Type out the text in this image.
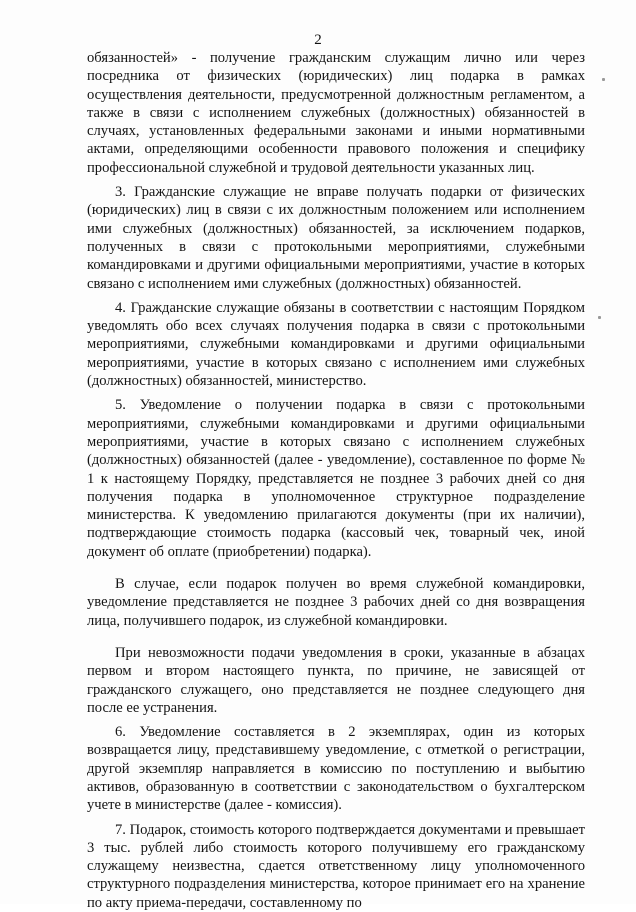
2

обязанностей» - получение гражданским служащим лично или через посредника от физических (юридических) лиц подарка в рамках осуществления деятельности, предусмотренной должностным регламентом, а также в связи с исполнением служебных (должностных) обязанностей в случаях, установленных федеральными законами и иными нормативными актами, определяющими особенности правового положения и специфику профессиональной служебной и трудовой деятельности указанных лиц.

3. Гражданские служащие не вправе получать подарки от физических (юридических) лиц в связи с их должностным положением или исполнением ими служебных (должностных) обязанностей, за исключением подарков, полученных в связи с протокольными мероприятиями, служебными командировками и другими официальными мероприятиями, участие в которых связано с исполнением ими служебных (должностных) обязанностей.

4. Гражданские служащие обязаны в соответствии с настоящим Порядком уведомлять обо всех случаях получения подарка в связи с протокольными мероприятиями, служебными командировками и другими официальными мероприятиями, участие в которых связано с исполнением ими служебных (должностных) обязанностей, министерство.

5. Уведомление о получении подарка в связи с протокольными мероприятиями, служебными командировками и другими официальными мероприятиями, участие в которых связано с исполнением служебных (должностных) обязанностей (далее - уведомление), составленное по форме № 1 к настоящему Порядку, представляется не позднее 3 рабочих дней со дня получения подарка в уполномоченное структурное подразделение министерства. К уведомлению прилагаются документы (при их наличии), подтверждающие стоимость подарка (кассовый чек, товарный чек, иной документ об оплате (приобретении) подарка).

В случае, если подарок получен во время служебной командировки, уведомление представляется не позднее 3 рабочих дней со дня возвращения лица, получившего подарок, из служебной командировки.

При невозможности подачи уведомления в сроки, указанные в абзацах первом и втором настоящего пункта, по причине, не зависящей от гражданского служащего, оно представляется не позднее следующего дня после ее устранения.

6. Уведомление составляется в 2 экземплярах, один из которых возвращается лицу, представившему уведомление, с отметкой о регистрации, другой экземпляр направляется в комиссию по поступлению и выбытию активов, образованную в соответствии с законодательством о бухгалтерском учете в министерстве (далее - комиссия).

7. Подарок, стоимость которого подтверждается документами и превышает 3 тыс. рублей либо стоимость которого получившему его гражданскому служащему неизвестна, сдается ответственному лицу уполномоченного структурного подразделения министерства, которое принимает его на хранение по акту приема-передачи, составленному по
